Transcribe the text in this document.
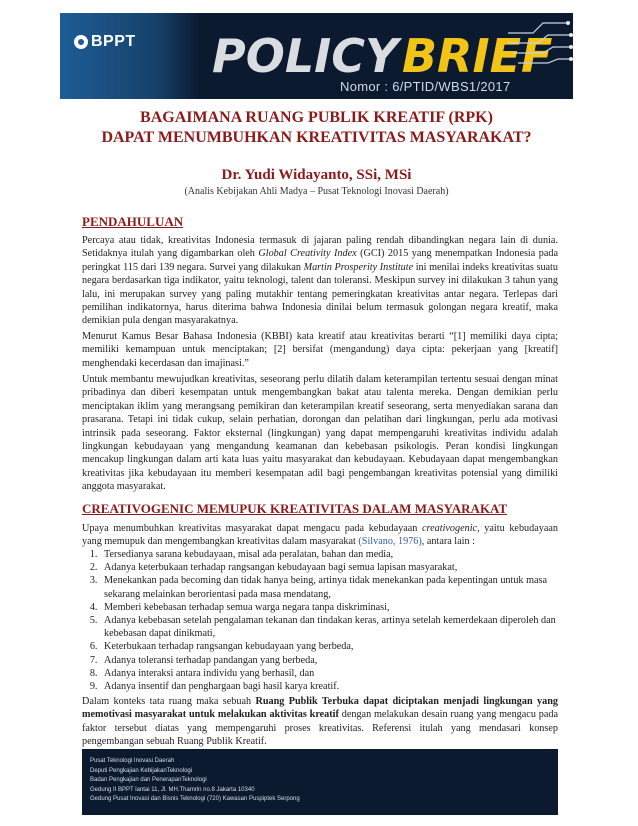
BPPT POLICY BRIEF
Nomor : 6/PTID/WBS1/2017
BAGAIMANA RUANG PUBLIK KREATIF (RPK)
DAPAT MENUMBUHKAN KREATIVITAS MASYARAKAT?
Dr. Yudi Widayanto, SSi, MSi
(Analis Kebijakan Ahli Madya – Pusat Teknologi Inovasi Daerah)
PENDAHULUAN
Percaya atau tidak, kreativitas Indonesia termasuk di jajaran paling rendah dibandingkan negara lain di dunia. Setidaknya itulah yang digambarkan oleh Global Creativity Index (GCI) 2015 yang menempatkan Indonesia pada peringkat 115 dari 139 negara. Survei yang dilakukan Martin Prosperity Institute ini menilai indeks kreativitas suatu negara berdasarkan tiga indikator, yaitu teknologi, talent dan toleransi. Meskipun survey ini dilakukan 3 tahun yang lalu, ini merupakan survey yang paling mutakhir tentang pemeringkatan kreativitas antar negara. Terlepas dari pemilihan indikatornya, harus diterima bahwa Indonesia dinilai belum termasuk golongan negara kreatif, maka demikian pula dengan masyarakatnya.
Menurut Kamus Besar Bahasa Indonesia (KBBI) kata kreatif atau kreativitas berarti “[1] memiliki daya cipta; memiliki kemampuan untuk menciptakan; [2] bersifat (mengandung) daya cipta: pekerjaan yang [kreatif] menghendaki kecerdasan dan imajinasi.”
Untuk membantu mewujudkan kreativitas, seseorang perlu dilatih dalam keterampilan tertentu sesuai dengan minat pribadinya dan diberi kesempatan untuk mengembangkan bakat atau talenta mereka. Dengan demikian perlu menciptakan iklim yang merangsang pemikiran dan keterampilan kreatif seseorang, serta menyediakan sarana dan prasarana. Tetapi ini tidak cukup, selain perhatian, dorongan dan pelatihan dari lingkungan, perlu ada motivasi intrinsik pada seseorang. Faktor eksternal (lingkungan) yang dapat mempengaruhi kreativitas individu adalah lingkungan kebudayaan yang mengandung keamanan dan kebebasan psikologis. Peran kondisi lingkungan mencakup lingkungan dalam arti kata luas yaitu masyarakat dan kebudayaan. Kebudayaan dapat mengembangkan kreativitas jika kebudayaan itu memberi kesempatan adil bagi pengembangan kreativitas potensial yang dimiliki anggota masyarakat.
CREATIVOGENIC MEMUPUK KREATIVITAS DALAM MASYARAKAT
Upaya menumbuhkan kreativitas masyarakat dapat mengacu pada kebudayaan creativogenic, yaitu kebudayaan yang memupuk dan mengembangkan kreativitas dalam masyarakat (Silvano, 1976), antara lain :
1. Tersedianya sarana kebudayaan, misal ada peralatan, bahan dan media,
2. Adanya keterbukaan terhadap rangsangan kebudayaan bagi semua lapisan masyarakat,
3. Menekankan pada becoming dan tidak hanya being, artinya tidak menekankan pada kepentingan untuk masa sekarang melainkan berorientasi pada masa mendatang,
4. Memberi kebebasan terhadap semua warga negara tanpa diskriminasi,
5. Adanya kebebasan setelah pengalaman tekanan dan tindakan keras, artinya setelah kemerdekaan diperoleh dan kebebasan dapat dinikmati,
6. Keterbukaan terhadap rangsangan kebudayaan yang berbeda,
7. Adanya toleransi terhadap pandangan yang berbeda,
8. Adanya interaksi antara individu yang berhasil, dan
9. Adanya insentif dan penghargaan bagi hasil karya kreatif.
Dalam konteks tata ruang maka sebuah Ruang Publik Terbuka dapat diciptakan menjadi lingkungan yang memotivasi masyarakat untuk melakukan aktivitas kreatif dengan melakukan desain ruang yang mengacu pada faktor tersebut diatas yang mempengaruhi proses kreativitas. Referensi itulah yang mendasari konsep pengembangan sebuah Ruang Publik Kreatif.
Pusat Teknologi Inovasi Daerah
Deputi Pengkajian KebijakanTeknologi
Badan Pengkajian dan PenerapanTeknologi
Gedung II BPPT lantai 11, Jl. MH.Thamrin no.8 Jakarta 10340
Gedung Pusat Inovasi dan Bisnis Teknologi (720) Kawasan Puspiptek Serpong
